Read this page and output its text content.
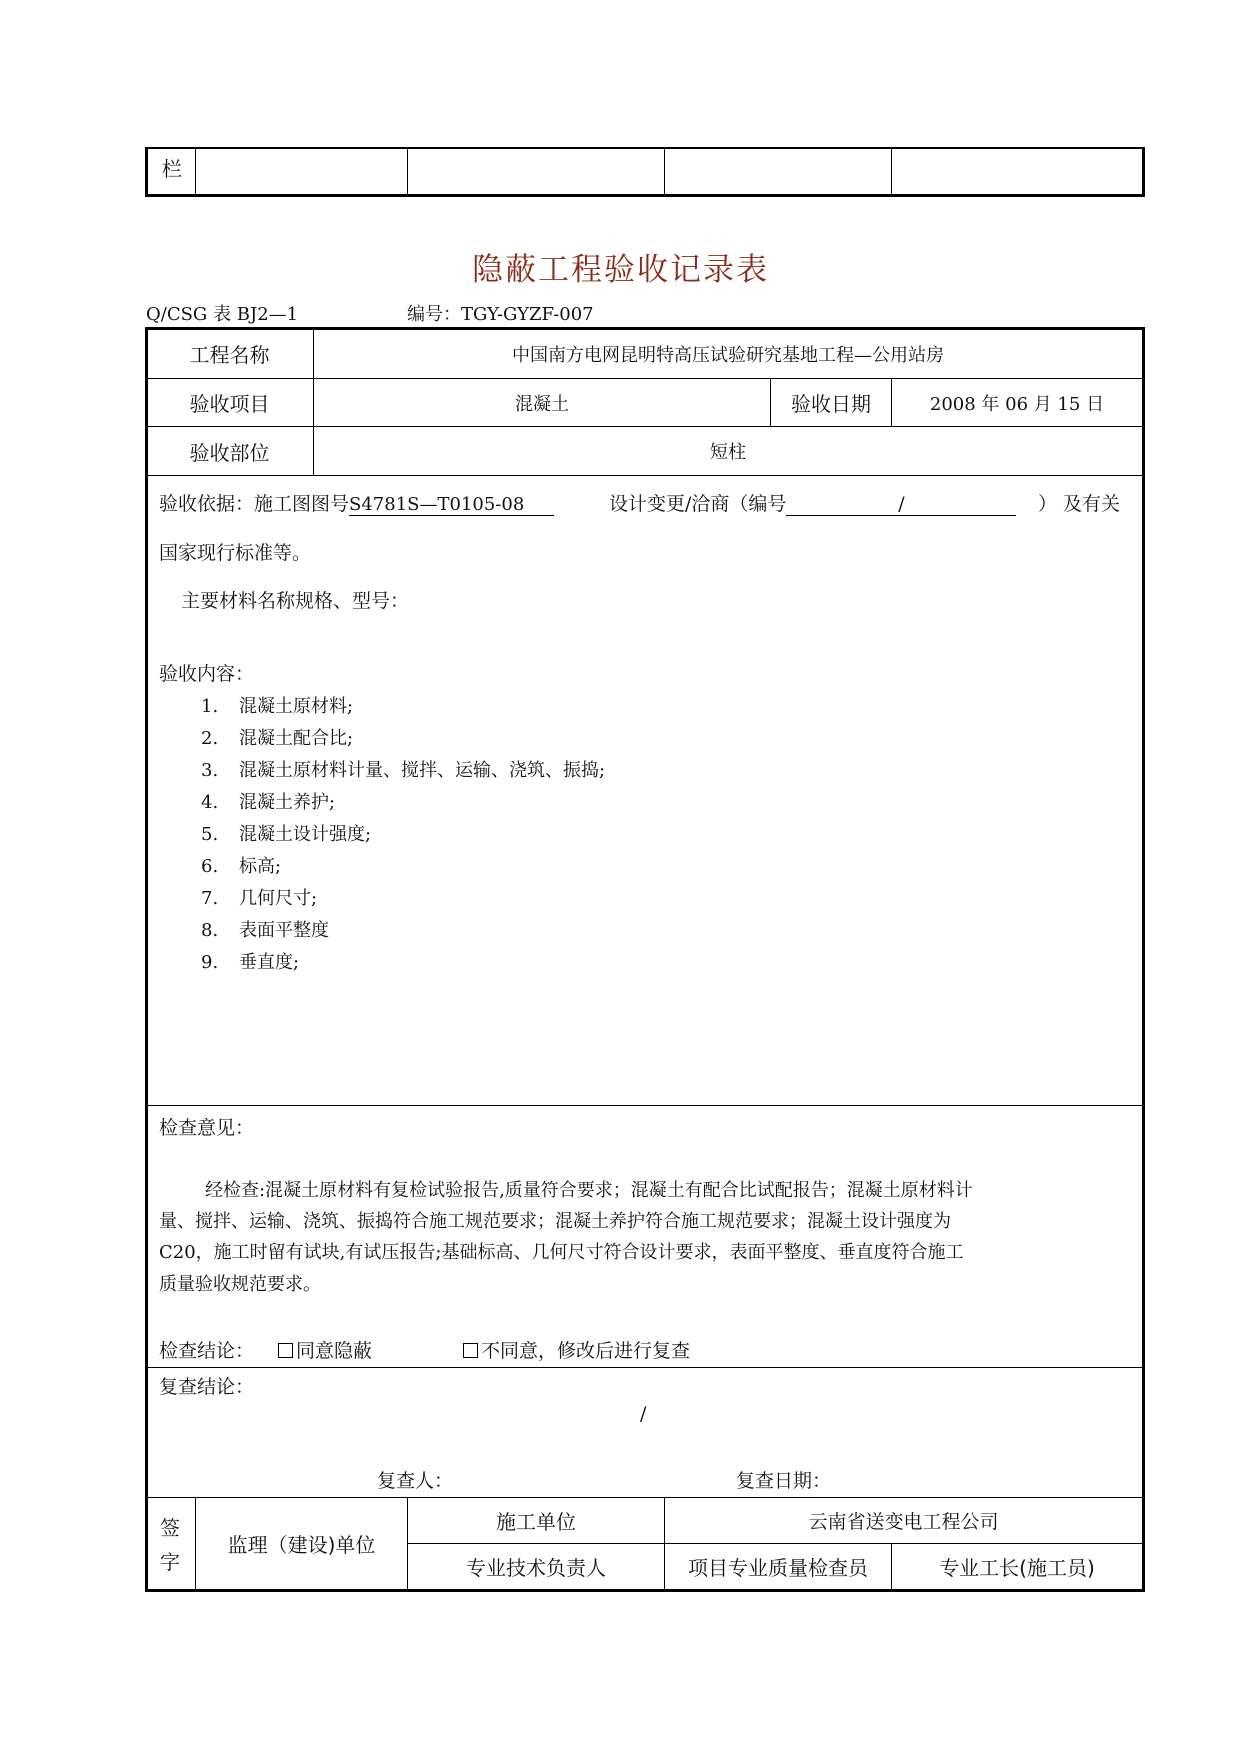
栏
隐蔽工程验收记录表
Q/CSG 表 BJ2—1	编号：TGY-GYZF-007
工程名称	中国南方电网昆明特高压试验研究基地工程—公用站房
验收项目	混凝土	验收日期	2008 年 06 月 15 日
验收部位	短柱
验收依据：施工图图号S4781S—T0105-08	设计变更/洽商（编号	/	） 及有关
国家现行标准等。
主要材料名称规格、型号：
验收内容：
1. 混凝土原材料;
2. 混凝土配合比;
3. 混凝土原材料计量、搅拌、运输、浇筑、振捣;
4. 混凝土养护;
5. 混凝土设计强度;
6. 标高;
7. 几何尺寸;
8. 表面平整度
9. 垂直度;
检查意见：
经检查:混凝土原材料有复检试验报告,质量符合要求；混凝土有配合比试配报告；混凝土原材料计
量、搅拌、运输、浇筑、振捣符合施工规范要求；混凝土养护符合施工规范要求；混凝土设计强度为
C20，施工时留有试块,有试压报告;基础标高、几何尺寸符合设计要求，表面平整度、垂直度符合施工
质量验收规范要求。
检查结论：	同意隐蔽	不同意，修改后进行复查
复查结论：
/
复查人：	复查日期：
签
字
监理（建设)单位
施工单位	云南省送变电工程公司
专业技术负责人	项目专业质量检查员	专业工长(施工员)
